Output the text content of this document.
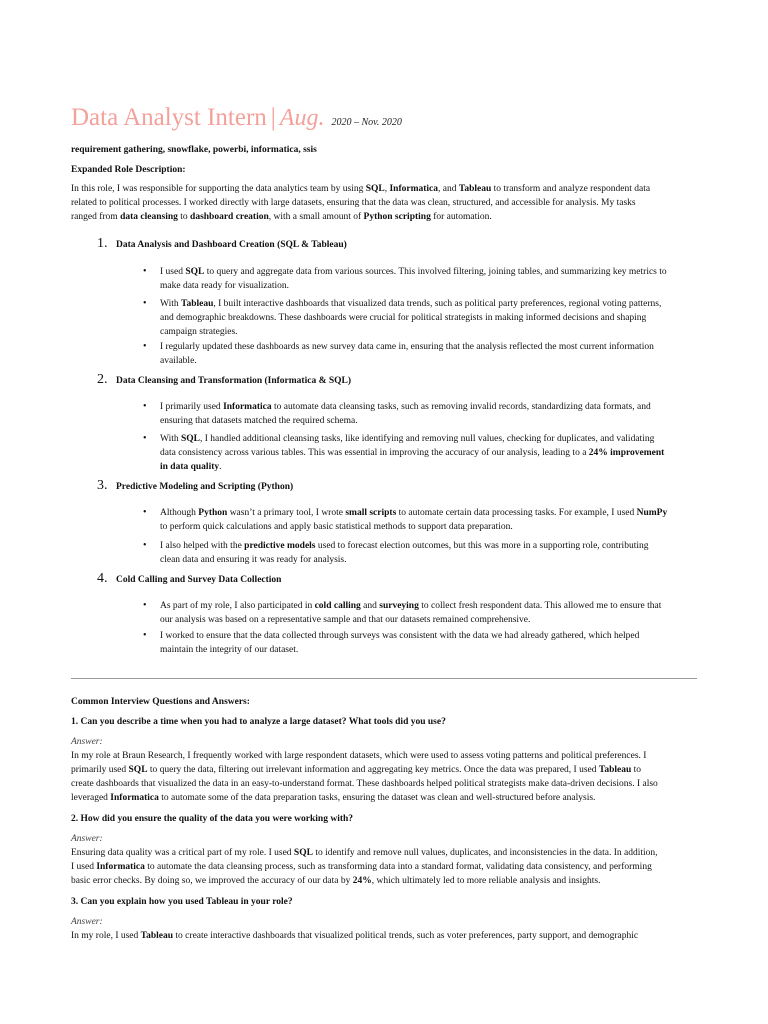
Data Analyst Intern | Aug. 2020 – Nov. 2020
requirement gathering, snowflake, powerbi, informatica, ssis
Expanded Role Description:
In this role, I was responsible for supporting the data analytics team by using SQL, Informatica, and Tableau to transform and analyze respondent data
related to political processes. I worked directly with large datasets, ensuring that the data was clean, structured, and accessible for analysis. My tasks
ranged from data cleansing to dashboard creation, with a small amount of Python scripting for automation.
1. Data Analysis and Dashboard Creation (SQL & Tableau)
• I used SQL to query and aggregate data from various sources. This involved filtering, joining tables, and summarizing key metrics to
make data ready for visualization.
• With Tableau, I built interactive dashboards that visualized data trends, such as political party preferences, regional voting patterns,
and demographic breakdowns. These dashboards were crucial for political strategists in making informed decisions and shaping
campaign strategies.
• I regularly updated these dashboards as new survey data came in, ensuring that the analysis reflected the most current information
available.
2. Data Cleansing and Transformation (Informatica & SQL)
• I primarily used Informatica to automate data cleansing tasks, such as removing invalid records, standardizing data formats, and
ensuring that datasets matched the required schema.
• With SQL, I handled additional cleansing tasks, like identifying and removing null values, checking for duplicates, and validating
data consistency across various tables. This was essential in improving the accuracy of our analysis, leading to a 24% improvement
in data quality.
3. Predictive Modeling and Scripting (Python)
• Although Python wasn’t a primary tool, I wrote small scripts to automate certain data processing tasks. For example, I used NumPy
to perform quick calculations and apply basic statistical methods to support data preparation.
• I also helped with the predictive models used to forecast election outcomes, but this was more in a supporting role, contributing
clean data and ensuring it was ready for analysis.
4. Cold Calling and Survey Data Collection
• As part of my role, I also participated in cold calling and surveying to collect fresh respondent data. This allowed me to ensure that
our analysis was based on a representative sample and that our datasets remained comprehensive.
• I worked to ensure that the data collected through surveys was consistent with the data we had already gathered, which helped
maintain the integrity of our dataset.
Common Interview Questions and Answers:
1. Can you describe a time when you had to analyze a large dataset? What tools did you use?
Answer:
In my role at Braun Research, I frequently worked with large respondent datasets, which were used to assess voting patterns and political preferences. I
primarily used SQL to query the data, filtering out irrelevant information and aggregating key metrics. Once the data was prepared, I used Tableau to
create dashboards that visualized the data in an easy-to-understand format. These dashboards helped political strategists make data-driven decisions. I also
leveraged Informatica to automate some of the data preparation tasks, ensuring the dataset was clean and well-structured before analysis.
2. How did you ensure the quality of the data you were working with?
Answer:
Ensuring data quality was a critical part of my role. I used SQL to identify and remove null values, duplicates, and inconsistencies in the data. In addition,
I used Informatica to automate the data cleansing process, such as transforming data into a standard format, validating data consistency, and performing
basic error checks. By doing so, we improved the accuracy of our data by 24%, which ultimately led to more reliable analysis and insights.
3. Can you explain how you used Tableau in your role?
Answer:
In my role, I used Tableau to create interactive dashboards that visualized political trends, such as voter preferences, party support, and demographic
